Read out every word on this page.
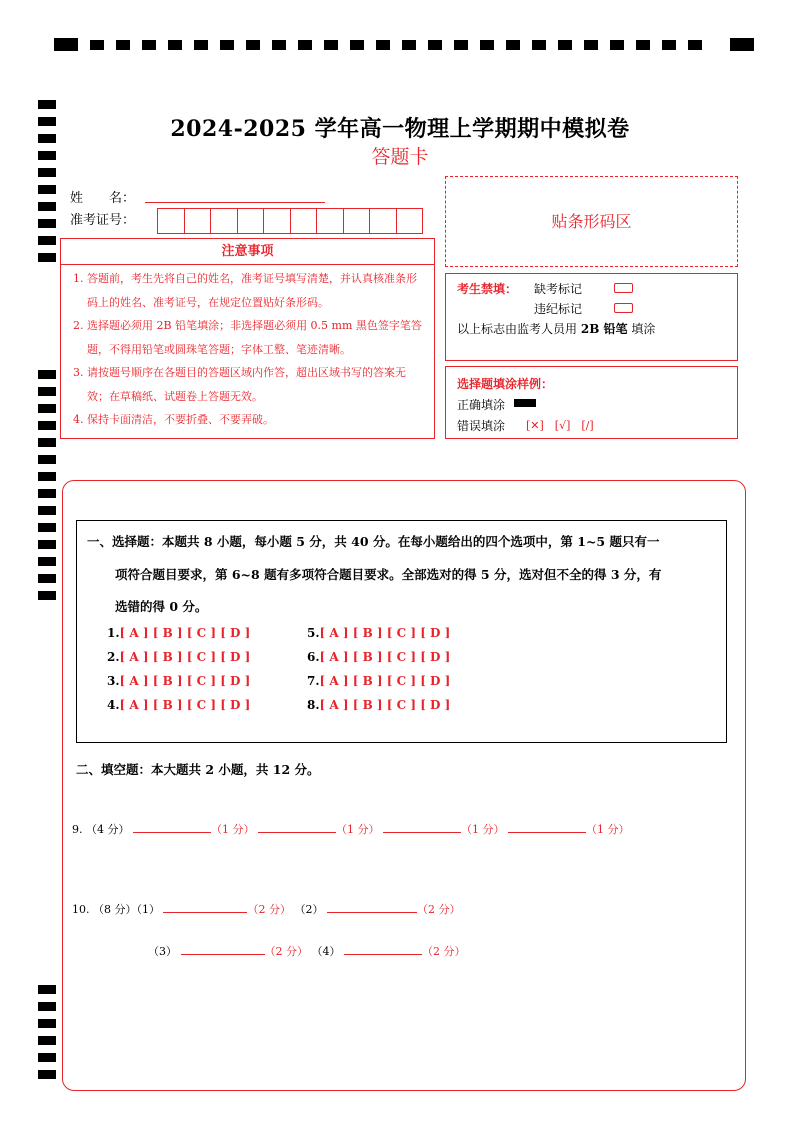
2024-2025 学年高一物理上学期期中模拟卷
答题卡
姓　　名：
准考证号：	贴条形码区
注意事项
1. 答题前，考生先将自己的姓名，准考证号填写清楚，并认真核准条形码上的姓名、准考证号，在规定位置贴好条形码。
2. 选择题必须用 2B 铅笔填涂；非选择题必须用 0.5 mm 黑色签字笔答题，不得用铅笔或圆珠笔答题；字体工整、笔迹清晰。
3. 请按题号顺序在各题目的答题区域内作答，超出区域书写的答案无效；在草稿纸、试题卷上答题无效。
4. 保持卡面清洁，不要折叠、不要弄破。
考生禁填： 缺考标记
违纪标记
以上标志由监考人员用 2B 铅笔 填涂
选择题填涂样例：
正确填涂
错误填涂 [✕]　[√]　[/]
一、选择题：本题共 8 小题，每小题 5 分，共 40 分。在每小题给出的四个选项中，第 1~5 题只有一
项符合题目要求，第 6~8 题有多项符合题目要求。全部选对的得 5 分，选对但不全的得 3 分，有
选错的得 0 分。
1.[ A ] [ B ] [ C ] [ D ]
2.[ A ] [ B ] [ C ] [ D ]
3.[ A ] [ B ] [ C ] [ D ]
4.[ A ] [ B ] [ C ] [ D ]
5.[ A ] [ B ] [ C ] [ D ]
6.[ A ] [ B ] [ C ] [ D ]
7.[ A ] [ B ] [ C ] [ D ]
8.[ A ] [ B ] [ C ] [ D ]
二、填空题：本大题共 2 小题，共 12 分。
9. （4 分）	（1 分）	（1 分）	（1 分）	（1 分）
10. （8 分）（1）	（2 分） （2）	（2 分）
（3）	（2 分） （4）	（2 分）
